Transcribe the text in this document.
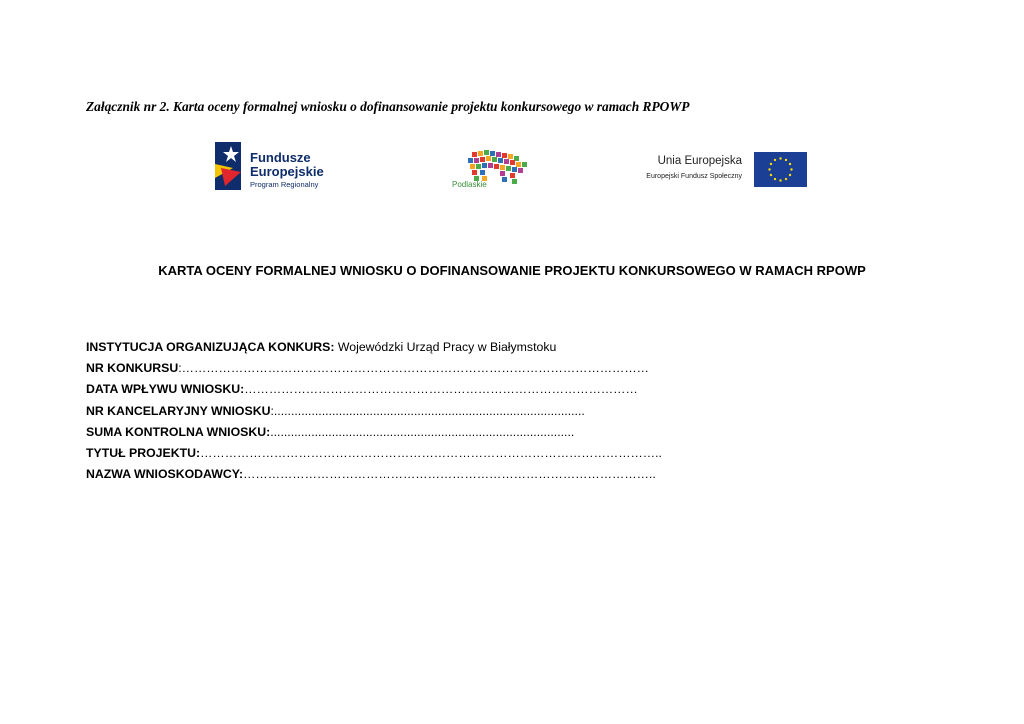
Załącznik nr 2. Karta oceny formalnej wniosku o dofinansowanie projektu konkursowego w ramach RPOWP
Fundusze
Europejskie
Program Regionalny	Podlaskie
Unia Europejska
Europejski Fundusz Społeczny
KARTA OCENY FORMALNEJ WNIOSKU O DOFINANSOWANIE PROJEKTU KONKURSOWEGO W RAMACH RPOWP
INSTYTUCJA ORGANIZUJĄCA KONKURS: Wojewódzki Urząd Pracy w Białymstoku
NR KONKURSU:……………………………………………………………………………………………………
DATA WPŁYWU WNIOSKU:……………………………………………………………………………………
NR KANCELARYJNY WNIOSKU:...........................................................................................
SUMA KONTROLNA WNIOSKU:.........................................................................................
TYTUŁ PROJEKTU:…………………………………………………………………………………………………..
NAZWA WNIOSKODAWCY:………………………………………………………………………………………..
